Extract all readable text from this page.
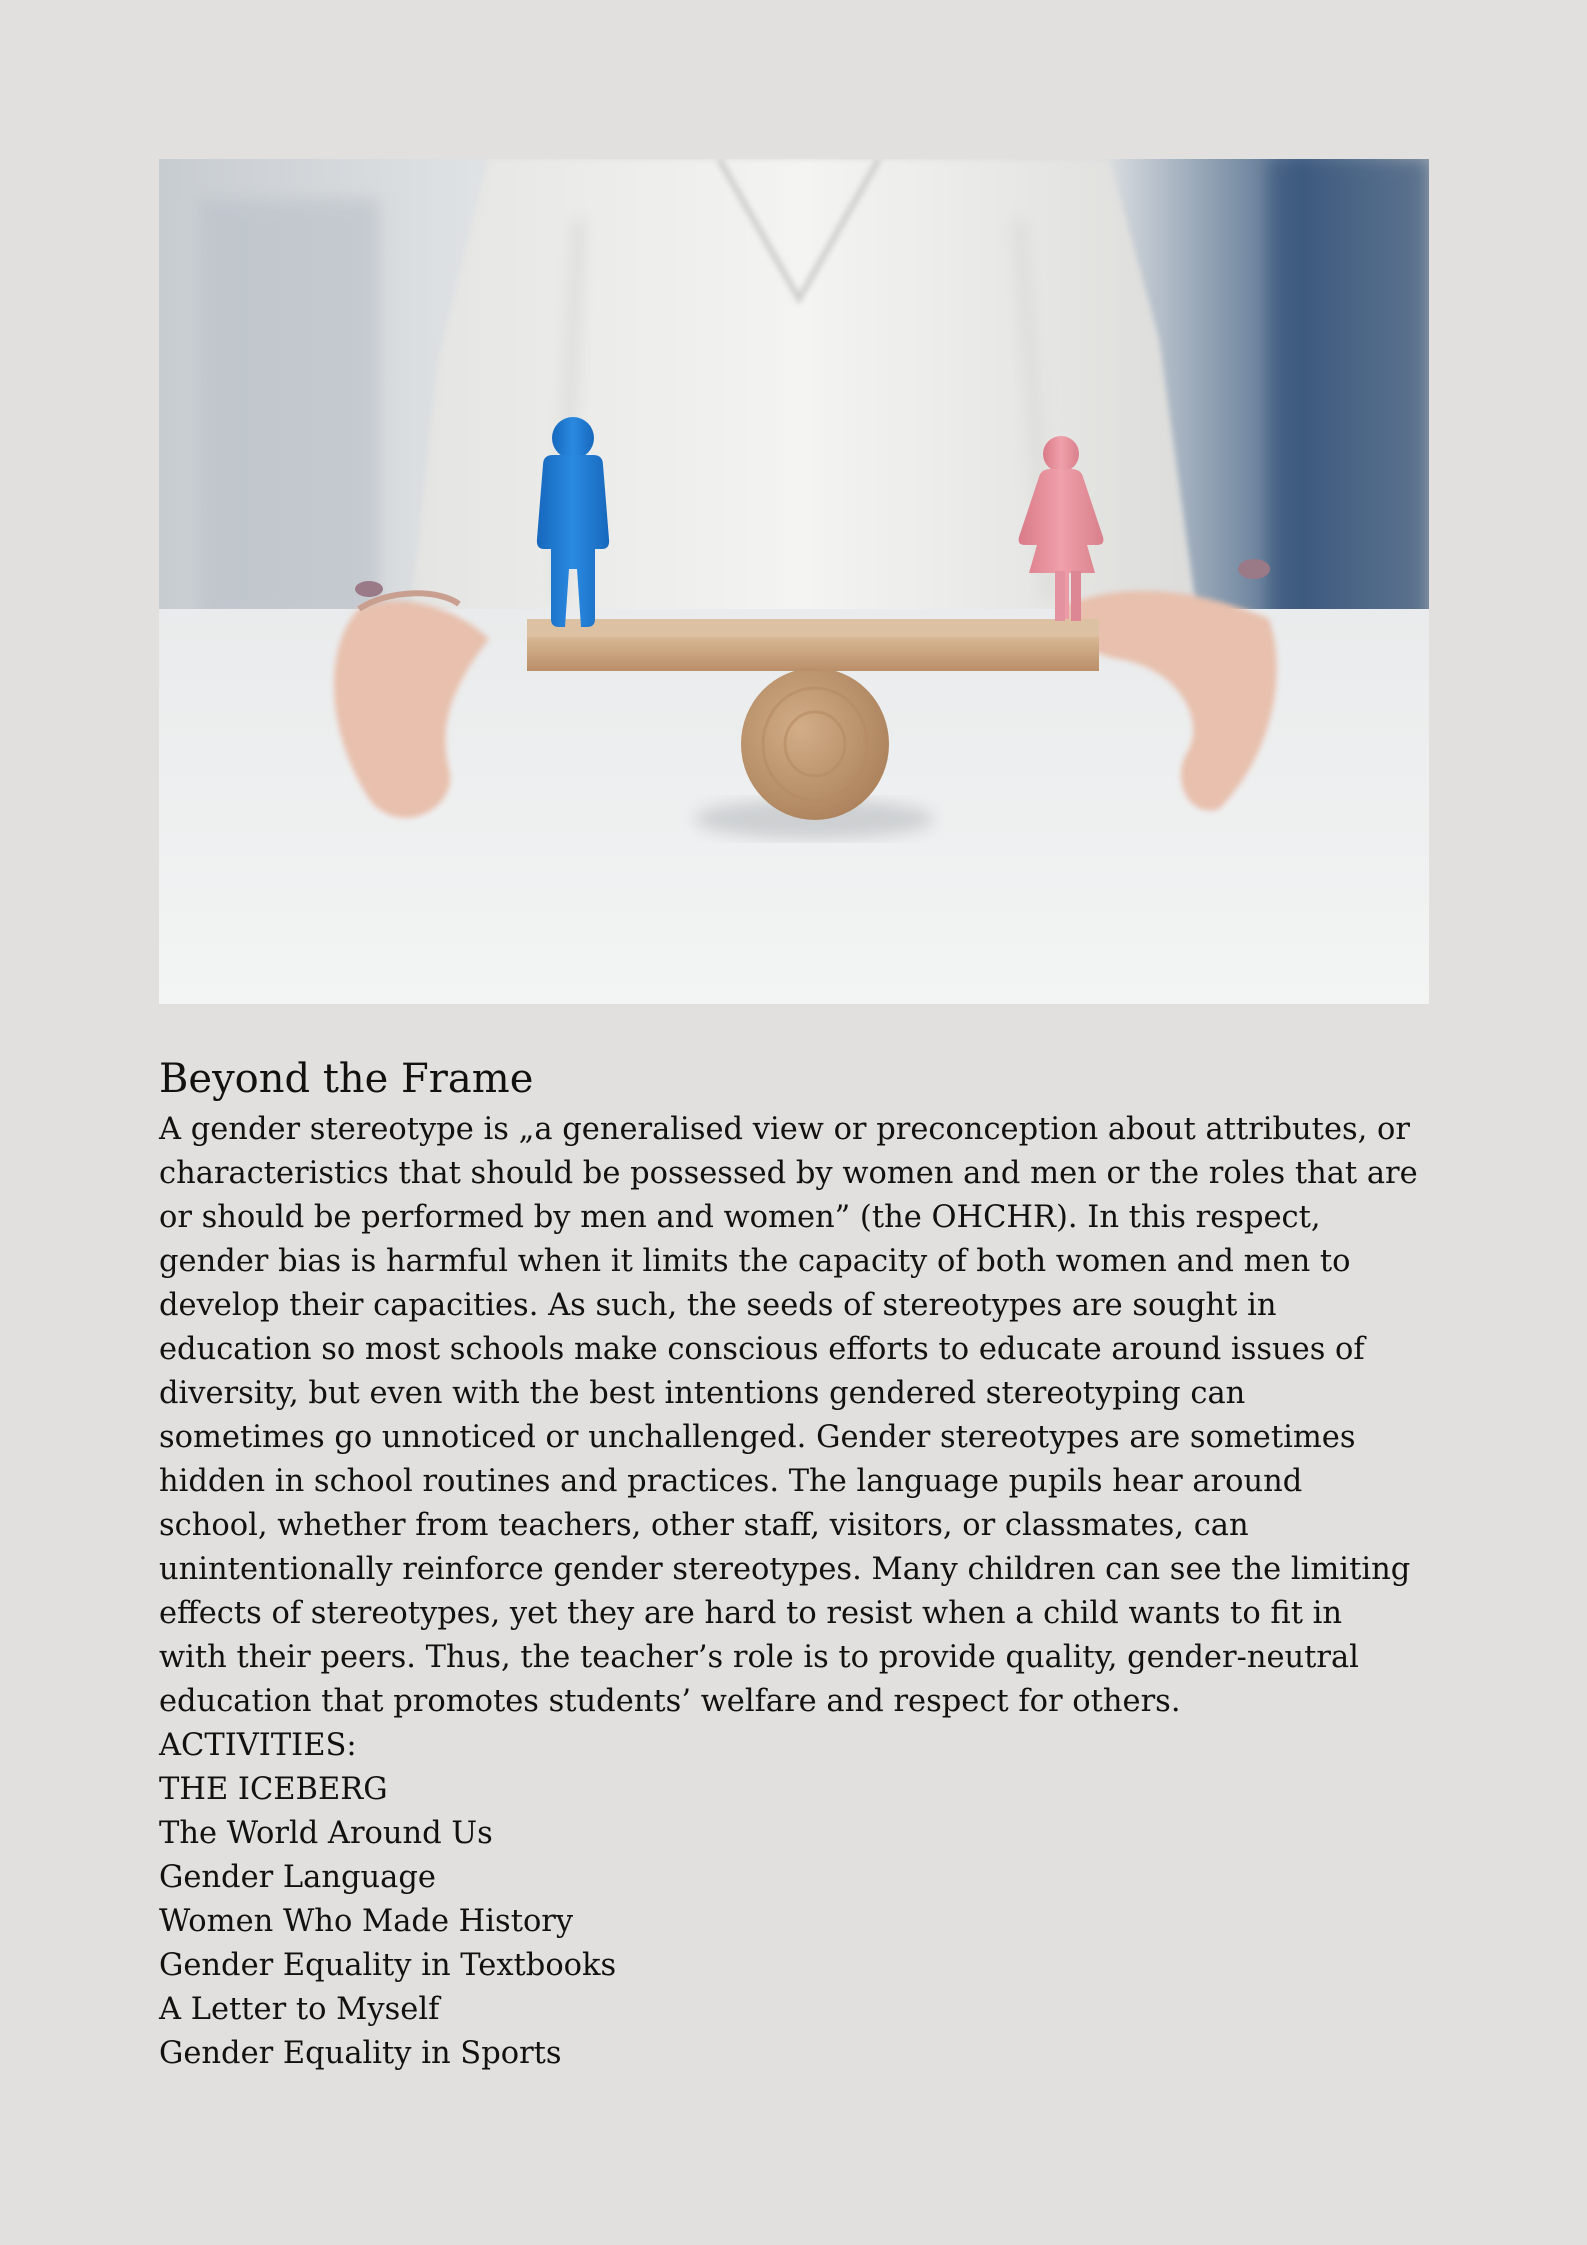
Beyond the Frame

A gender stereotype is „a generalised view or preconception about attributes, or characteristics that should be possessed by women and men or the roles that are or should be performed by men and women” (the OHCHR). In this respect, gender bias is harmful when it limits the capacity of both women and men to develop their capacities. As such, the seeds of stereotypes are sought in education so most schools make conscious efforts to educate around issues of diversity, but even with the best intentions gendered stereotyping can sometimes go unnoticed or unchallenged. Gender stereotypes are sometimes hidden in school routines and practices. The language pupils hear around school, whether from teachers, other staff, visitors, or classmates, can unintentionally reinforce gender stereotypes. Many children can see the limiting effects of stereotypes, yet they are hard to resist when a child wants to fit in with their peers. Thus, the teacher’s role is to provide quality, gender-neutral education that promotes students’ welfare and respect for others.

ACTIVITIES:

THE ICEBERG
The World Around Us
Gender Language
Women Who Made History
Gender Equality in Textbooks
A Letter to Myself
Gender Equality in Sports
